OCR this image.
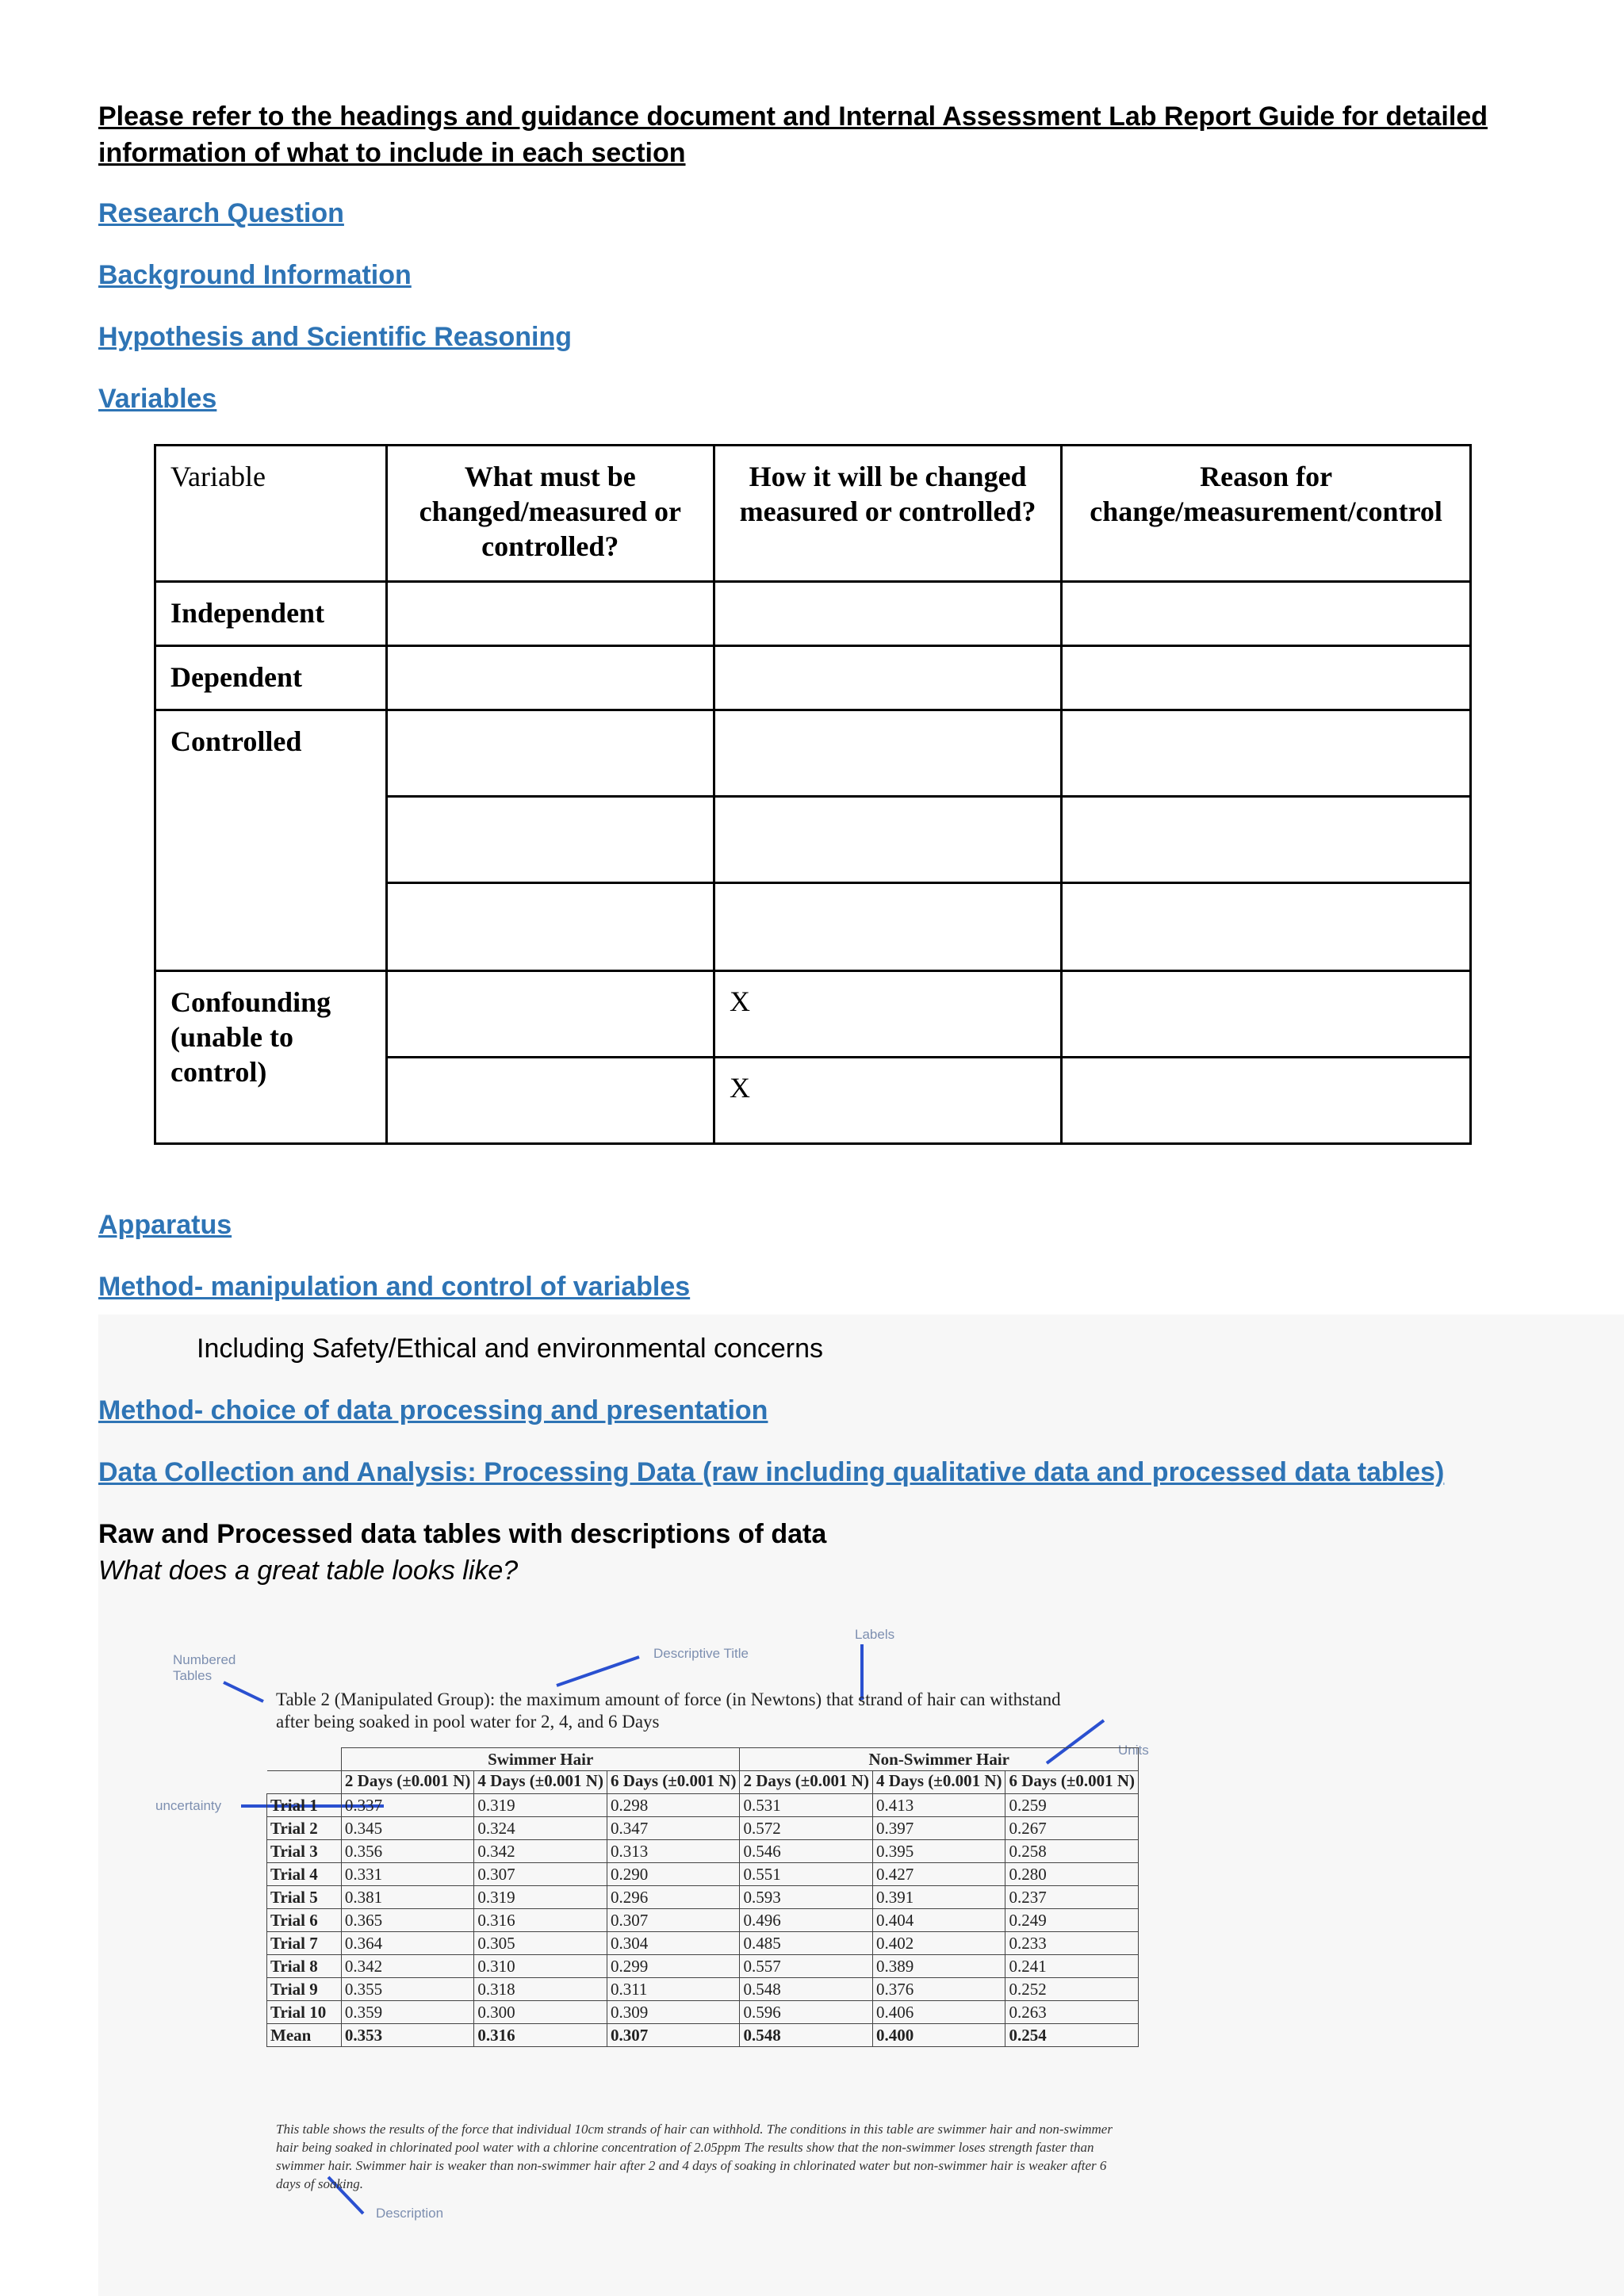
Please refer to the headings and guidance document and Internal Assessment Lab Report Guide for detailed information of what to include in each section
Research Question
Background Information
Hypothesis and Scientific Reasoning
Variables
Variable	What must be changed/measured or controlled?	How it will be changed measured or controlled?	Reason for change/measurement/control
Independent			
Dependent			
Controlled			

Confounding (unable to control)		X	
		X	
Apparatus
Method- manipulation and control of variables
Including Safety/Ethical and environmental concerns
Method- choice of data processing and presentation
Data Collection and Analysis: Processing Data (raw including qualitative data and processed data tables)
Raw and Processed data tables with descriptions of data
What does a great table looks like?
Numbered Tables
Descriptive Title
Labels
Units
uncertainty
Description
Table 2 (Manipulated Group): the maximum amount of force (in Newtons) that strand of hair can withstand after being soaked in pool water for 2, 4, and 6 Days
	Swimmer Hair			Non-Swimmer Hair		
	2 Days (±0.001 N)	4 Days (±0.001 N)	6 Days (±0.001 N)	2 Days (±0.001 N)	4 Days (±0.001 N)	6 Days (±0.001 N)
Trial 1	0.337	0.319	0.298	0.531	0.413	0.259
Trial 2	0.345	0.324	0.347	0.572	0.397	0.267
Trial 3	0.356	0.342	0.313	0.546	0.395	0.258
Trial 4	0.331	0.307	0.290	0.551	0.427	0.280
Trial 5	0.381	0.319	0.296	0.593	0.391	0.237
Trial 6	0.365	0.316	0.307	0.496	0.404	0.249
Trial 7	0.364	0.305	0.304	0.485	0.402	0.233
Trial 8	0.342	0.310	0.299	0.557	0.389	0.241
Trial 9	0.355	0.318	0.311	0.548	0.376	0.252
Trial 10	0.359	0.300	0.309	0.596	0.406	0.263
Mean	0.353	0.316	0.307	0.548	0.400	0.254
This table shows the results of the force that individual 10cm strands of hair can withhold. The conditions in this table are swimmer hair and non-swimmer hair being soaked in chlorinated pool water with a chlorine concentration of 2.05ppm The results show that the non-swimmer loses strength faster than swimmer hair. Swimmer hair is weaker than non-swimmer hair after 2 and 4 days of soaking in chlorinated water but non-swimmer hair is weaker after 6 days of soaking.
